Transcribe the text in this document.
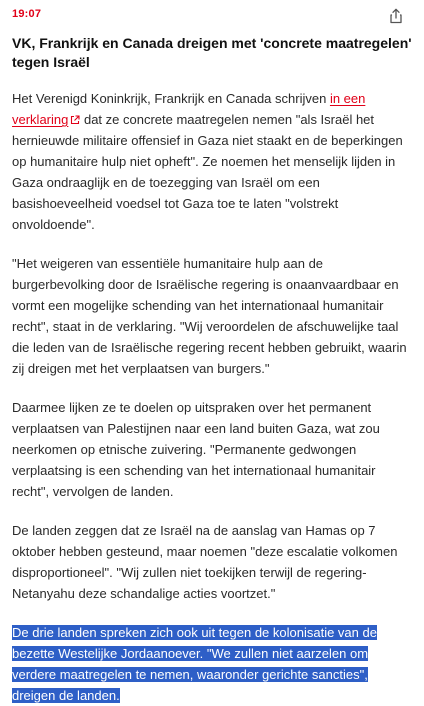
19:07
VK, Frankrijk en Canada dreigen met 'concrete maatregelen' tegen Israël

Het Verenigd Koninkrijk, Frankrijk en Canada schrijven in een verklaring dat ze concrete maatregelen nemen "als Israël het hernieuwde militaire offensief in Gaza niet staakt en de beperkingen op humanitaire hulp niet opheft". Ze noemen het menselijk lijden in Gaza ondraaglijk en de toezegging van Israël om een basishoeveelheid voedsel tot Gaza toe te laten "volstrekt onvoldoende".

"Het weigeren van essentiële humanitaire hulp aan de burgerbevolking door de Israëlische regering is onaanvaardbaar en vormt een mogelijke schending van het internationaal humanitair recht", staat in de verklaring. "Wij veroordelen de afschuwelijke taal die leden van de Israëlische regering recent hebben gebruikt, waarin zij dreigen met het verplaatsen van burgers."

Daarmee lijken ze te doelen op uitspraken over het permanent verplaatsen van Palestijnen naar een land buiten Gaza, wat zou neerkomen op etnische zuivering. "Permanente gedwongen verplaatsing is een schending van het internationaal humanitair recht", vervolgen de landen.

De landen zeggen dat ze Israël na de aanslag van Hamas op 7 oktober hebben gesteund, maar noemen "deze escalatie volkomen disproportioneel". "Wij zullen niet toekijken terwijl de regering-Netanyahu deze schandalige acties voortzet."

De drie landen spreken zich ook uit tegen de kolonisatie van de bezette Westelijke Jordaanoever. "We zullen niet aarzelen om verdere maatregelen te nemen, waaronder gerichte sancties", dreigen de landen.
